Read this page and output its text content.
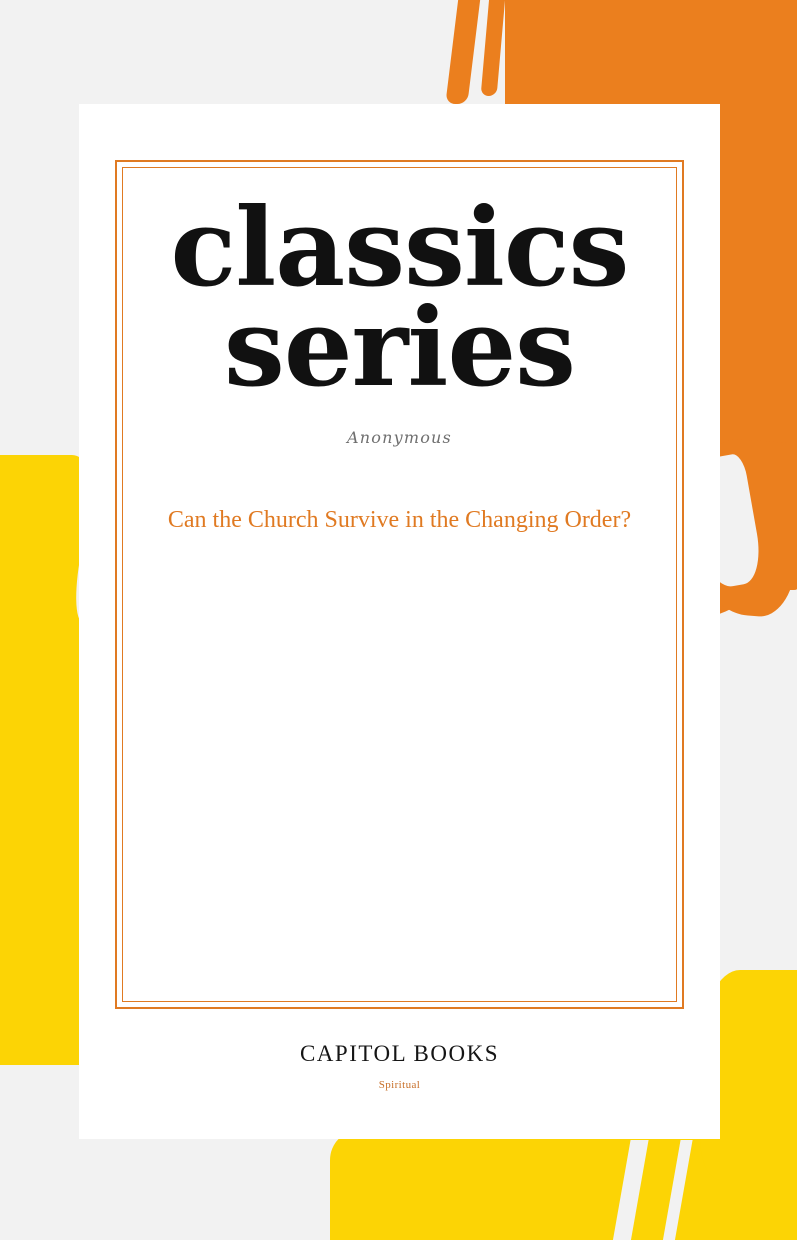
classics
series
Anonymous
Can the Church Survive in the Changing Order?
CAPITOL BOOKS
Spiritual
